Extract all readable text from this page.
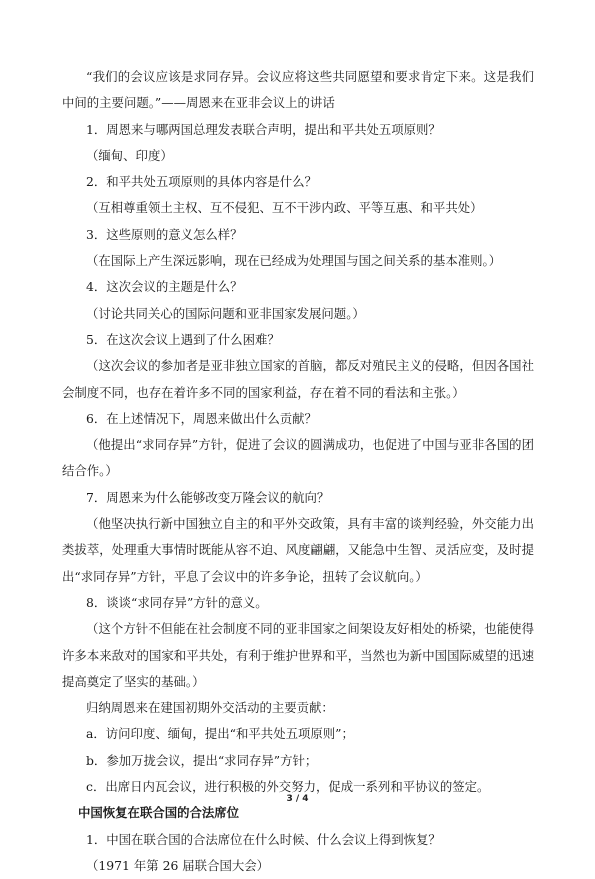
“我们的会议应该是求同存异。会议应将这些共同愿望和要求肯定下来。这是我们中间的主要问题。”——周恩来在亚非会议上的讲话

1．周恩来与哪两国总理发表联合声明，提出和平共处五项原则？

（缅甸、印度）

2．和平共处五项原则的具体内容是什么？

（互相尊重领土主权、互不侵犯、互不干涉内政、平等互惠、和平共处）

3．这些原则的意义怎么样？

（在国际上产生深远影响，现在已经成为处理国与国之间关系的基本准则。）

4．这次会议的主题是什么？

（讨论共同关心的国际问题和亚非国家发展问题。）

5．在这次会议上遇到了什么困难？

（这次会议的参加者是亚非独立国家的首脑，都反对殖民主义的侵略，但因各国社会制度不同，也存在着许多不同的国家利益，存在着不同的看法和主张。）

6．在上述情况下，周恩来做出什么贡献？

（他提出“求同存异”方针，促进了会议的圆满成功，也促进了中国与亚非各国的团结合作。）

7．周恩来为什么能够改变万隆会议的航向？

（他坚决执行新中国独立自主的和平外交政策，具有丰富的谈判经验，外交能力出类拔萃，处理重大事情时既能从容不迫、风度翩翩，又能急中生智、灵活应变，及时提出“求同存异”方针，平息了会议中的许多争论，扭转了会议航向。）

8．谈谈“求同存异”方针的意义。

（这个方针不但能在社会制度不同的亚非国家之间架设友好相处的桥梁，也能使得许多本来敌对的国家和平共处，有利于维护世界和平，当然也为新中国国际威望的迅速提高奠定了坚实的基础。）

归纳周恩来在建国初期外交活动的主要贡献：

a．访问印度、缅甸，提出“和平共处五项原则”；

b．参加万拢会议，提出“求同存异”方针；

c．出席日内瓦会议，进行积极的外交努力，促成一系列和平协议的签定。

中国恢复在联合国的合法席位

1．中国在联合国的合法席位在什么时候、什么会议上得到恢复？

（1971 年第 26 届联合国大会）

3 / 4
